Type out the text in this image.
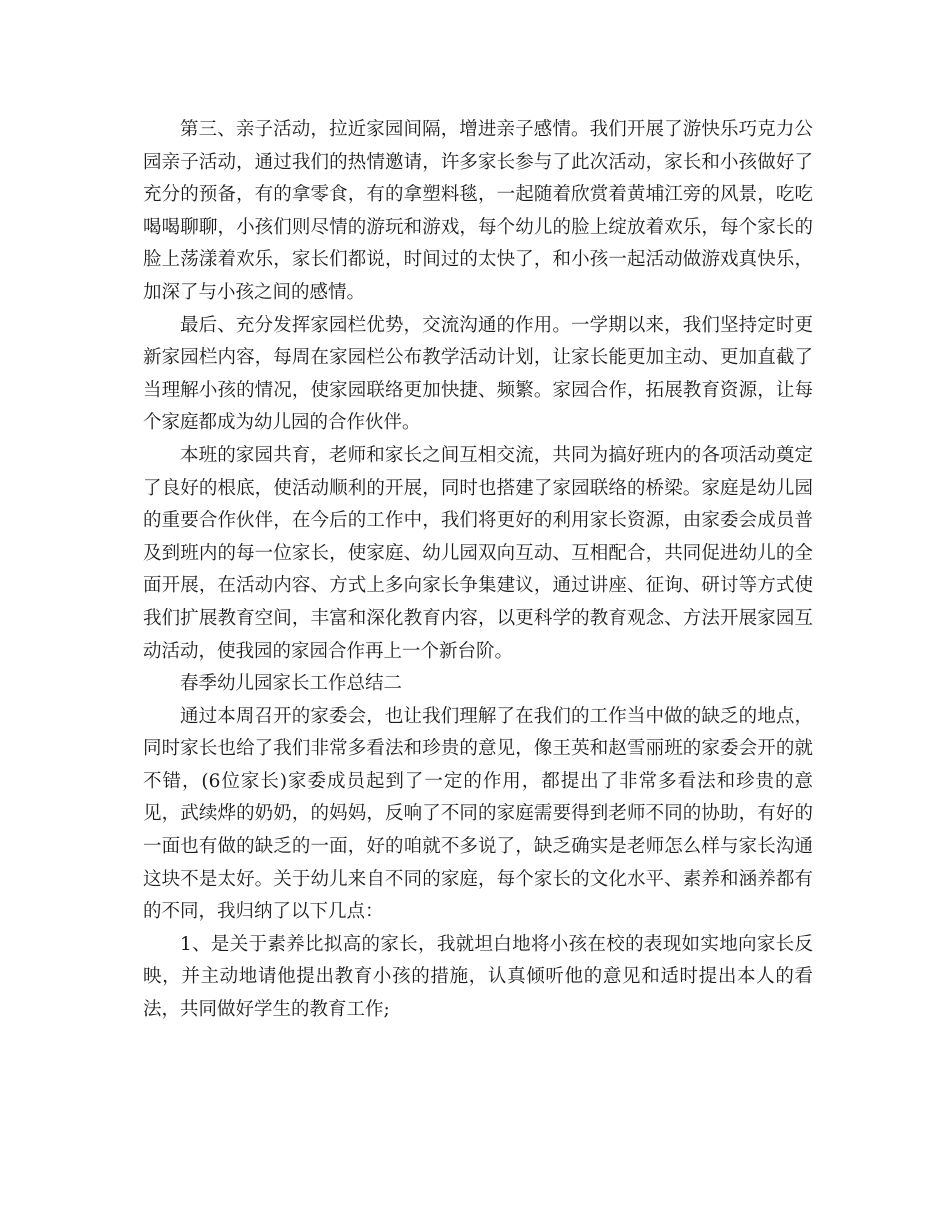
第三、亲子活动，拉近家园间隔，增进亲子感情。我们开展了游快乐巧克力公园亲子活动，通过我们的热情邀请，许多家长参与了此次活动，家长和小孩做好了充分的预备，有的拿零食，有的拿塑料毯，一起随着欣赏着黄埔江旁的风景，吃吃喝喝聊聊，小孩们则尽情的游玩和游戏，每个幼儿的脸上绽放着欢乐，每个家长的脸上荡漾着欢乐，家长们都说，时间过的太快了，和小孩一起活动做游戏真快乐，加深了与小孩之间的感情。

最后、充分发挥家园栏优势，交流沟通的作用。一学期以来，我们坚持定时更新家园栏内容，每周在家园栏公布教学活动计划，让家长能更加主动、更加直截了当理解小孩的情况，使家园联络更加快捷、频繁。家园合作，拓展教育资源，让每个家庭都成为幼儿园的合作伙伴。

本班的家园共育，老师和家长之间互相交流，共同为搞好班内的各项活动奠定了良好的根底，使活动顺利的开展，同时也搭建了家园联络的桥梁。家庭是幼儿园的重要合作伙伴，在今后的工作中，我们将更好的利用家长资源，由家委会成员普及到班内的每一位家长，使家庭、幼儿园双向互动、互相配合，共同促进幼儿的全面开展，在活动内容、方式上多向家长争集建议，通过讲座、征询、研讨等方式使我们扩展教育空间，丰富和深化教育内容，以更科学的教育观念、方法开展家园互动活动，使我园的家园合作再上一个新台阶。

春季幼儿园家长工作总结二

通过本周召开的家委会，也让我们理解了在我们的工作当中做的缺乏的地点，同时家长也给了我们非常多看法和珍贵的意见，像王英和赵雪丽班的家委会开的就不错，(6位家长)家委成员起到了一定的作用，都提出了非常多看法和珍贵的意见，武续烨的奶奶，的妈妈，反响了不同的家庭需要得到老师不同的协助，有好的一面也有做的缺乏的一面，好的咱就不多说了，缺乏确实是老师怎么样与家长沟通这块不是太好。关于幼儿来自不同的家庭，每个家长的文化水平、素养和涵养都有的不同，我归纳了以下几点：

1、是关于素养比拟高的家长，我就坦白地将小孩在校的表现如实地向家长反映，并主动地请他提出教育小孩的措施，认真倾听他的意见和适时提出本人的看法，共同做好学生的教育工作;
